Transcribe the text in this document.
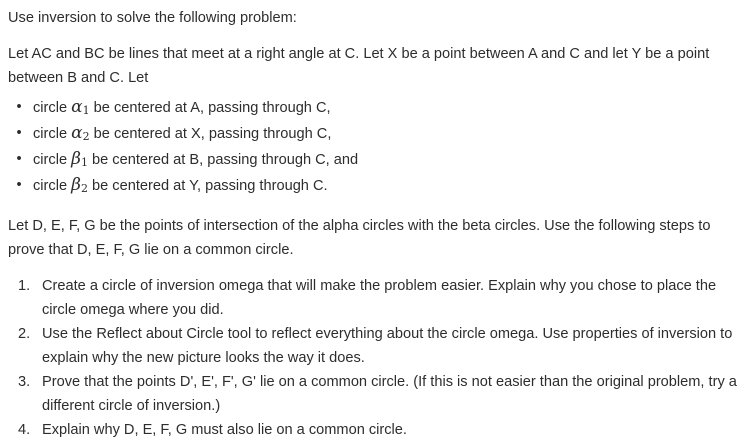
Use inversion to solve the following problem:

Let AC and BC be lines that meet at a right angle at C. Let X be a point between A and C and let Y be a point between B and C. Let

• circle $\alpha_1$ be centered at A, passing through C,
• circle $\alpha_2$ be centered at X, passing through C,
• circle $\beta_1$ be centered at B, passing through C, and
• circle $\beta_2$ be centered at Y, passing through C.

Let D, E, F, G be the points of intersection of the alpha circles with the beta circles. Use the following steps to prove that D, E, F, G lie on a common circle.

1. Create a circle of inversion omega that will make the problem easier. Explain why you chose to place the circle omega where you did.
2. Use the Reflect about Circle tool to reflect everything about the circle omega. Use properties of inversion to explain why the new picture looks the way it does.
3. Prove that the points D', E', F', G' lie on a common circle. (If this is not easier than the original problem, try a different circle of inversion.)
4. Explain why D, E, F, G must also lie on a common circle.
